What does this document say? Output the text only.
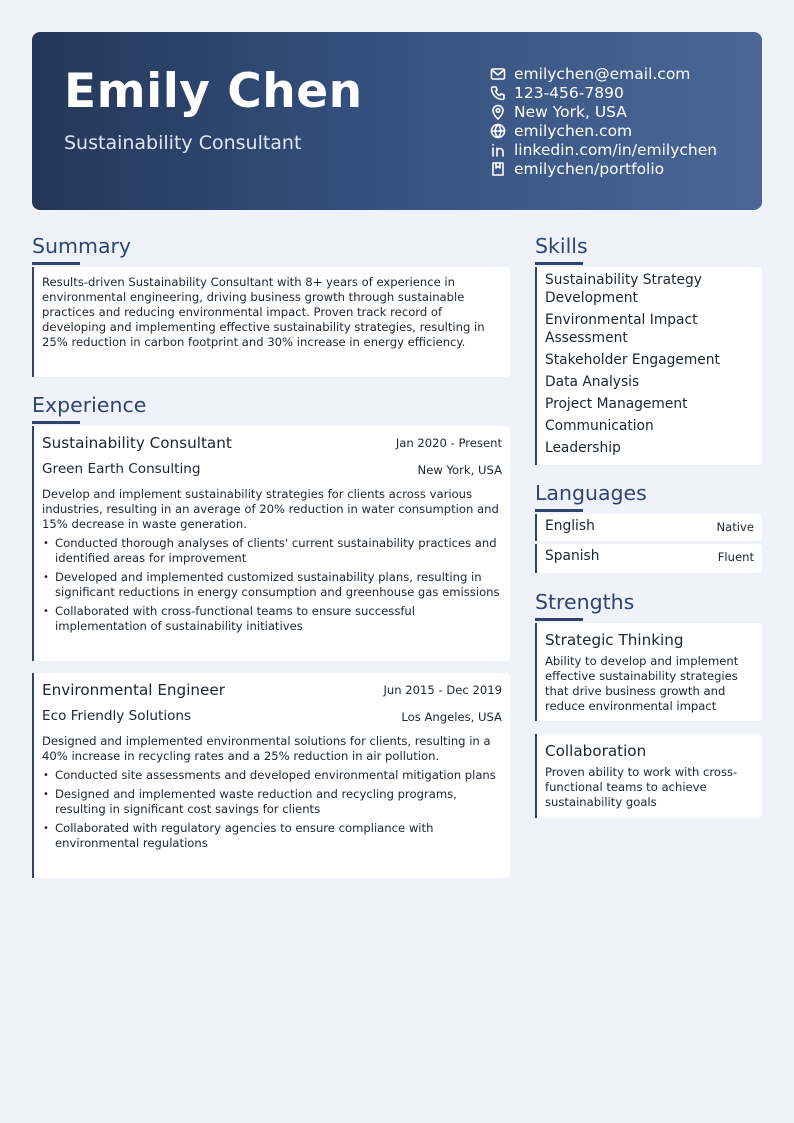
Emily Chen
Sustainability Consultant
emilychen@email.com
123-456-7890
New York, USA
emilychen.com
linkedin.com/in/emilychen
emilychen/portfolio
Summary

Results-driven Sustainability Consultant with 8+ years of experience in environmental engineering, driving business growth through sustainable practices and reducing environmental impact. Proven track record of developing and implementing effective sustainability strategies, resulting in 25% reduction in carbon footprint and 30% increase in energy efficiency.

Experience
Sustainability Consultant	Jan 2020 - Present
Green Earth Consulting	New York, USA
Develop and implement sustainability strategies for clients across various industries, resulting in an average of 20% reduction in water consumption and 15% decrease in waste generation.
• Conducted thorough analyses of clients' current sustainability practices and identified areas for improvement
• Developed and implemented customized sustainability plans, resulting in significant reductions in energy consumption and greenhouse gas emissions
• Collaborated with cross-functional teams to ensure successful implementation of sustainability initiatives
Environmental Engineer	Jun 2015 - Dec 2019
Eco Friendly Solutions	Los Angeles, USA
Designed and implemented environmental solutions for clients, resulting in a 40% increase in recycling rates and a 25% reduction in air pollution.
• Conducted site assessments and developed environmental mitigation plans
• Designed and implemented waste reduction and recycling programs, resulting in significant cost savings for clients
• Collaborated with regulatory agencies to ensure compliance with environmental regulations
Skills
Sustainability Strategy Development
Environmental Impact Assessment
Stakeholder Engagement
Data Analysis
Project Management
Communication
Leadership
Languages
English	Native
Spanish	Fluent
Strengths
Strategic Thinking
Ability to develop and implement effective sustainability strategies that drive business growth and reduce environmental impact
Collaboration
Proven ability to work with cross-functional teams to achieve sustainability goals
